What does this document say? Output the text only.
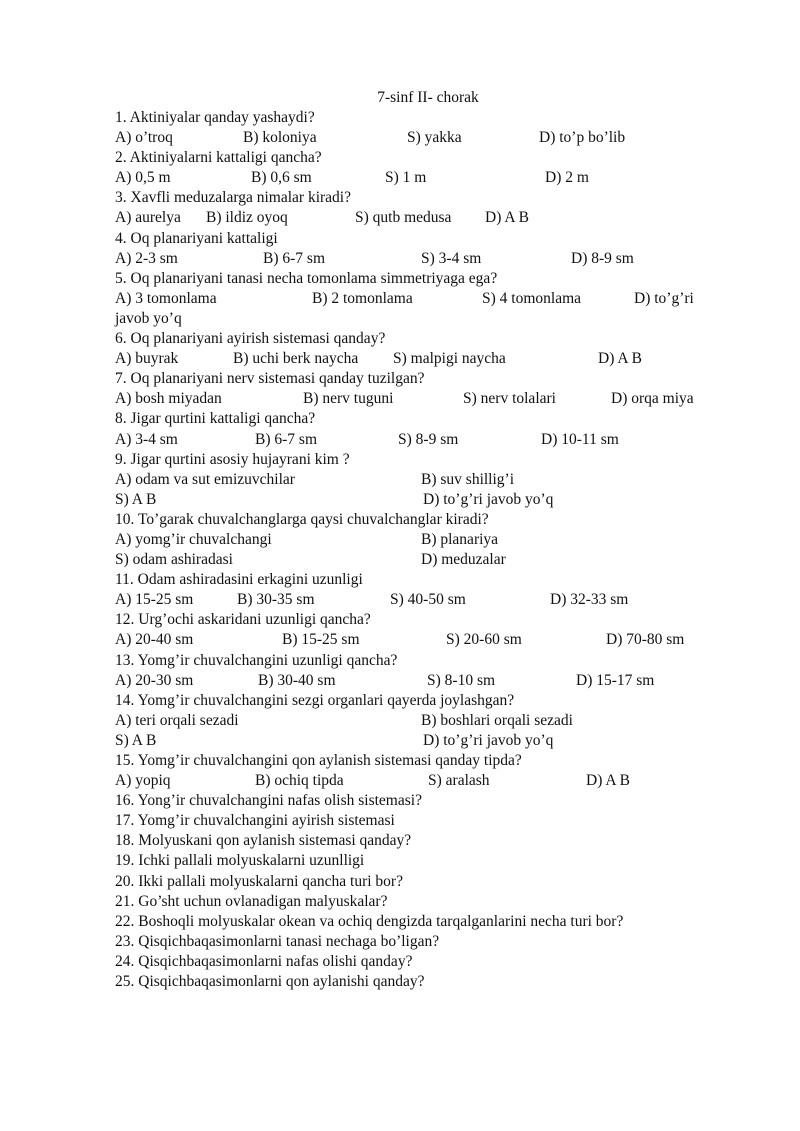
7-sinf II- chorak
1. Aktiniyalar qanday yashaydi?
A) o’troq	B) koloniya	S) yakka	D) to’p bo’lib
2. Aktiniyalarni kattaligi qancha?
A) 0,5 m	B) 0,6 sm	S) 1 m	D) 2 m
3. Xavfli meduzalarga nimalar kiradi?
A) aurelya B) ildiz oyoq	S) qutb medusa D) A B
4. Oq planariyani kattaligi
A) 2-3 sm	B) 6-7 sm	S) 3-4 sm	D) 8-9 sm
5. Oq planariyani tanasi necha tomonlama simmetriyaga ega?
A) 3 tomonlama	B) 2 tomonlama	S) 4 tomonlama	D) to’g’ri
javob yo’q
6. Oq planariyani ayirish sistemasi qanday?
A) buyrak	B) uchi berk naycha S) malpigi naycha	D) A B
7. Oq planariyani nerv sistemasi qanday tuzilgan?
A) bosh miyadan	B) nerv tuguni	S) nerv tolalari	D) orqa miya
8. Jigar qurtini kattaligi qancha?
A) 3-4 sm	B) 6-7 sm	S) 8-9 sm	D) 10-11 sm
9. Jigar qurtini asosiy hujayrani kim ?
A) odam va sut emizuvchilar	B) suv shillig’i
S) A B	D) to’g’ri javob yo’q
10. To’garak chuvalchanglarga qaysi chuvalchanglar kiradi?
A) yomg’ir chuvalchangi	B) planariya
S) odam ashiradasi	D) meduzalar
11. Odam ashiradasini erkagini uzunligi
A) 15-25 sm	B) 30-35 sm	S) 40-50 sm	D) 32-33 sm
12. Urg’ochi askaridani uzunligi qancha?
A) 20-40 sm	B) 15-25 sm	S) 20-60 sm	D) 70-80 sm
13. Yomg’ir chuvalchangini uzunligi qancha?
A) 20-30 sm	B) 30-40 sm	S) 8-10 sm	D) 15-17 sm
14. Yomg’ir chuvalchangini sezgi organlari qayerda joylashgan?
A) teri orqali sezadi	B) boshlari orqali sezadi
S) A B	D) to’g’ri javob yo’q
15. Yomg’ir chuvalchangini qon aylanish sistemasi qanday tipda?
A) yopiq	B) ochiq tipda	S) aralash	D) A B
16. Yong’ir chuvalchangini nafas olish sistemasi?
17. Yomg’ir chuvalchangini ayirish sistemasi
18. Molyuskani qon aylanish sistemasi qanday?
19. Ichki pallali molyuskalarni uzunlligi
20. Ikki pallali molyuskalarni qancha turi bor?
21. Go’sht uchun ovlanadigan malyuskalar?
22. Boshoqli molyuskalar okean va ochiq dengizda tarqalganlarini necha turi bor?
23. Qisqichbaqasimonlarni tanasi nechaga bo’ligan?
24. Qisqichbaqasimonlarni nafas olishi qanday?
25. Qisqichbaqasimonlarni qon aylanishi qanday?
